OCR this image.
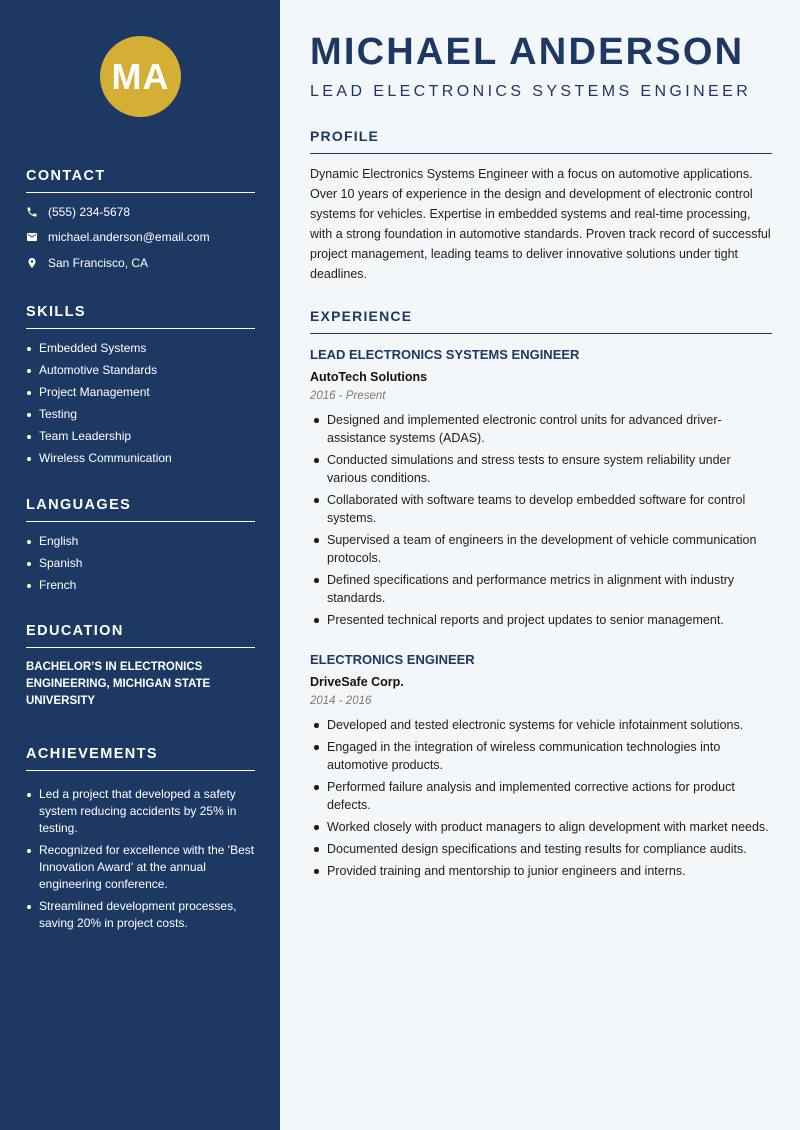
MA
CONTACT
(555) 234-5678
michael.anderson@email.com
San Francisco, CA
SKILLS
Embedded Systems
Automotive Standards
Project Management
Testing
Team Leadership
Wireless Communication
LANGUAGES
English
Spanish
French
EDUCATION
BACHELOR’S IN ELECTRONICS ENGINEERING, MICHIGAN STATE UNIVERSITY
ACHIEVEMENTS
Led a project that developed a safety system reducing accidents by 25% in testing.
Recognized for excellence with the 'Best Innovation Award' at the annual engineering conference.
Streamlined development processes, saving 20% in project costs.
MICHAEL ANDERSON
LEAD ELECTRONICS SYSTEMS ENGINEER
PROFILE
Dynamic Electronics Systems Engineer with a focus on automotive applications. Over 10 years of experience in the design and development of electronic control systems for vehicles. Expertise in embedded systems and real-time processing, with a strong foundation in automotive standards. Proven track record of successful project management, leading teams to deliver innovative solutions under tight deadlines.
EXPERIENCE
LEAD ELECTRONICS SYSTEMS ENGINEER
AutoTech Solutions
2016 - Present
Designed and implemented electronic control units for advanced driver-assistance systems (ADAS).
Conducted simulations and stress tests to ensure system reliability under various conditions.
Collaborated with software teams to develop embedded software for control systems.
Supervised a team of engineers in the development of vehicle communication protocols.
Defined specifications and performance metrics in alignment with industry standards.
Presented technical reports and project updates to senior management.
ELECTRONICS ENGINEER
DriveSafe Corp.
2014 - 2016
Developed and tested electronic systems for vehicle infotainment solutions.
Engaged in the integration of wireless communication technologies into automotive products.
Performed failure analysis and implemented corrective actions for product defects.
Worked closely with product managers to align development with market needs.
Documented design specifications and testing results for compliance audits.
Provided training and mentorship to junior engineers and interns.
